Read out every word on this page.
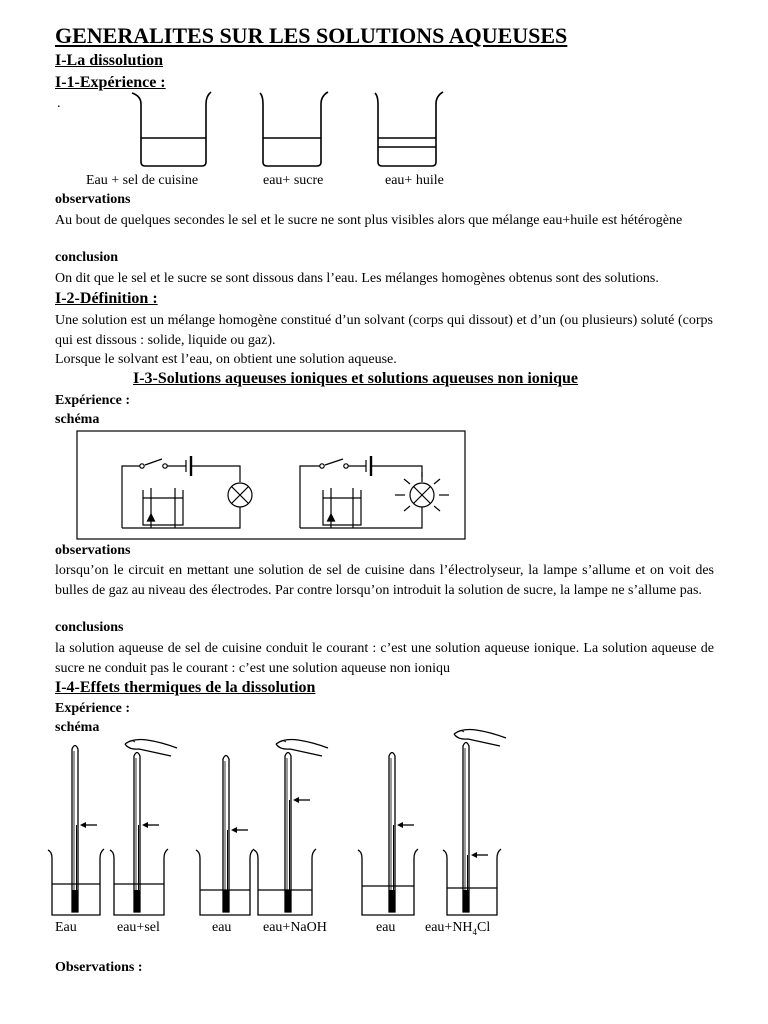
GENERALITES SUR LES SOLUTIONS AQUEUSES
I-La dissolution
I-1-Expérience :
.
Eau + sel de cuisine	eau+ sucre	eau+ huile
observations
Au bout de quelques secondes le sel et le sucre ne sont plus visibles alors que mélange eau+huile est hétérogène
conclusion
On dit que le sel et le sucre se sont dissous dans l’eau. Les mélanges homogènes obtenus sont des solutions.
I-2-Définition :
Une solution est un mélange homogène constitué d’un solvant (corps qui dissout) et d’un (ou plusieurs) soluté (corps qui est dissous : solide, liquide ou gaz).
Lorsque le solvant est l’eau, on obtient une solution aqueuse.
I-3-Solutions aqueuses ioniques et solutions aqueuses non ionique
Expérience :
schéma
observations
lorsqu’on le circuit en mettant une solution de sel de cuisine dans l’électrolyseur, la lampe s’allume et on voit des bulles de gaz au niveau des électrodes. Par contre lorsqu’on introduit la solution de sucre, la lampe ne s’allume pas.
conclusions
la solution aqueuse de sel de cuisine conduit le courant : c’est une solution aqueuse ionique. La solution aqueuse de sucre ne conduit pas le courant : c’est une solution aqueuse non ioniqu
I-4-Effets thermiques de la dissolution
Expérience :
schéma
Eau	eau+sel	eau eau+NaOH	eau $eau+NH_4Cl$
Observations :
